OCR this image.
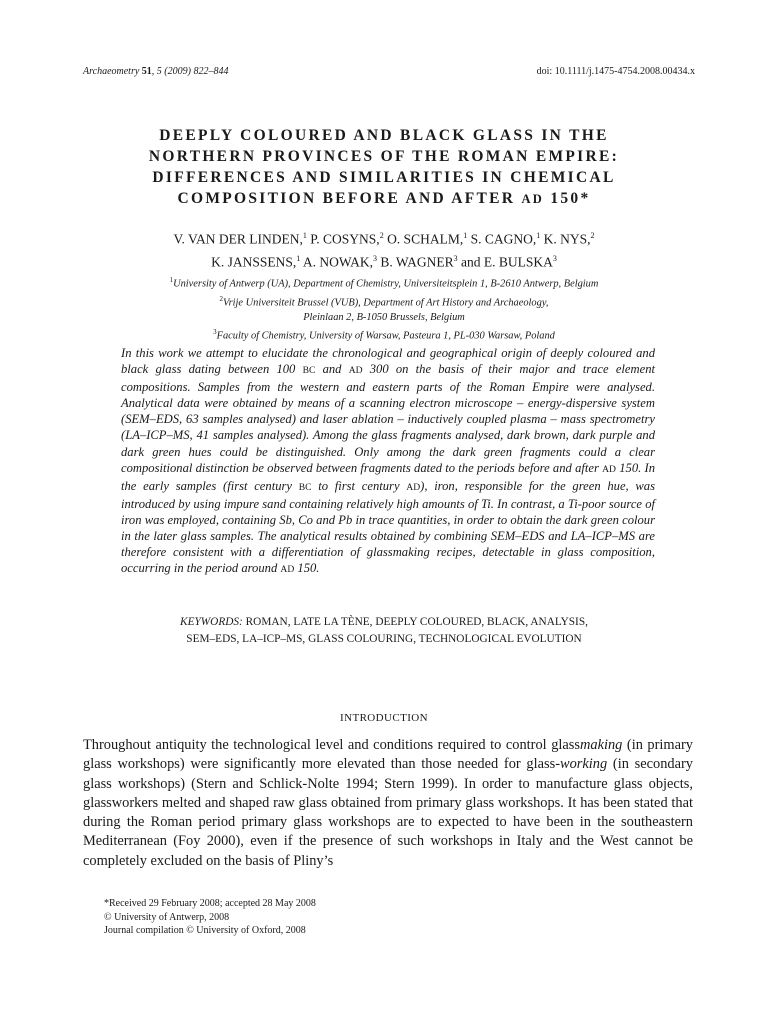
Archaeometry 51, 5 (2009) 822–844	doi: 10.1111/j.1475-4754.2008.00434.x
DEEPLY COLOURED AND BLACK GLASS IN THE
NORTHERN PROVINCES OF THE ROMAN EMPIRE:
DIFFERENCES AND SIMILARITIES IN CHEMICAL
COMPOSITION BEFORE AND AFTER AD 150*
V. VAN DER LINDEN,$^1$ P. COSYNS,$^2$ O. SCHALM,$^1$ S. CAGNO,$^1$ K. NYS,$^2$
K. JANSSENS,$^1$ A. NOWAK,$^3$ B. WAGNER$^3$ and E. BULSKA$^3$
$^1$University of Antwerp (UA), Department of Chemistry, Universiteitsplein 1, B-2610 Antwerp, Belgium
$^2$Vrije Universiteit Brussel (VUB), Department of Art History and Archaeology,
Pleinlaan 2, B-1050 Brussels, Belgium
$^3$Faculty of Chemistry, University of Warsaw, Pasteura 1, PL-030 Warsaw, Poland
In this work we attempt to elucidate the chronological and geographical origin of deeply coloured and black glass dating between 100 BC and AD 300 on the basis of their major and trace element compositions. Samples from the western and eastern parts of the Roman Empire were analysed. Analytical data were obtained by means of a scanning electron microscope – energy-dispersive system (SEM–EDS, 63 samples analysed) and laser ablation – inductively coupled plasma – mass spectrometry (LA–ICP–MS, 41 samples analysed). Among the glass fragments analysed, dark brown, dark purple and dark green hues could be distinguished. Only among the dark green fragments could a clear compositional distinction be observed between fragments dated to the periods before and after AD 150. In the early samples (first century BC to first century AD), iron, responsible for the green hue, was introduced by using impure sand containing relatively high amounts of Ti. In contrast, a Ti-poor source of iron was employed, containing Sb, Co and Pb in trace quantities, in order to obtain the dark green colour in the later glass samples. The analytical results obtained by combining SEM–EDS and LA–ICP–MS are therefore consistent with a differentiation of glassmaking recipes, detectable in glass composition, occurring in the period around AD 150.
KEYWORDS: ROMAN, LATE LA TÈNE, DEEPLY COLOURED, BLACK, ANALYSIS,
SEM–EDS, LA–ICP–MS, GLASS COLOURING, TECHNOLOGICAL EVOLUTION
INTRODUCTION
Throughout antiquity the technological level and conditions required to control glassmaking (in primary glass workshops) were significantly more elevated than those needed for glass-working (in secondary glass workshops) (Stern and Schlick-Nolte 1994; Stern 1999). In order to manufacture glass objects, glassworkers melted and shaped raw glass obtained from primary glass workshops. It has been stated that during the Roman period primary glass workshops are to expected to have been in the southeastern Mediterranean (Foy 2000), even if the presence of such workshops in Italy and the West cannot be completely excluded on the basis of Pliny’s
*Received 29 February 2008; accepted 28 May 2008
© University of Antwerp, 2008
Journal compilation © University of Oxford, 2008
